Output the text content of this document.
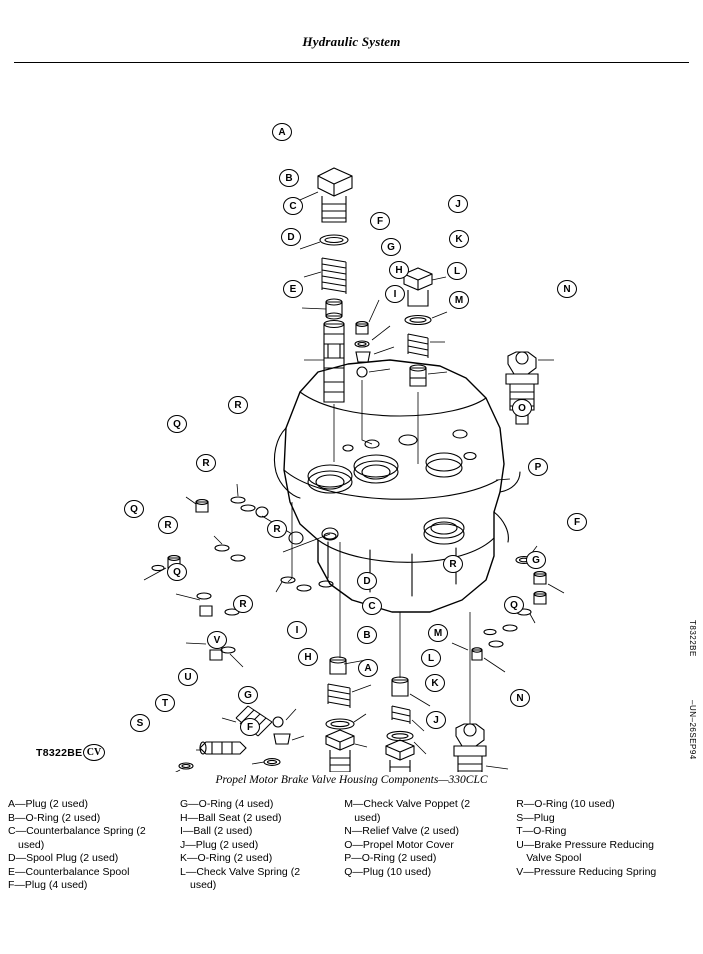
Hydraulic System
A
B
C
D
E
F
G
H
I
J
K
L
M
N
O
P
F
G
Q
R
Q
R
R
Q
R	R
Q
R
D
C
B
A
M
L
K
J
N
V
I
H
U
G
F
T
S
T8322BE CV
T8322BE
–UN–26SEP94
Propel Motor Brake Valve Housing Components—330CLC
A—Plug (2 used)
B—O-Ring (2 used)
C—Counterbalance Spring (2
used)
D—Spool Plug (2 used)
E—Counterbalance Spool
F—Plug (4 used)
G—O-Ring (4 used)
H—Ball Seat (2 used)
I—Ball (2 used)
J—Plug (2 used)
K—O-Ring (2 used)
L—Check Valve Spring (2
used)
M—Check Valve Poppet (2
used)
N—Relief Valve (2 used)
O—Propel Motor Cover
P—O-Ring (2 used)
Q—Plug (10 used)
R—O-Ring (10 used)
S—Plug
T—O-Ring
U—Brake Pressure Reducing
Valve Spool
V—Pressure Reducing Spring
